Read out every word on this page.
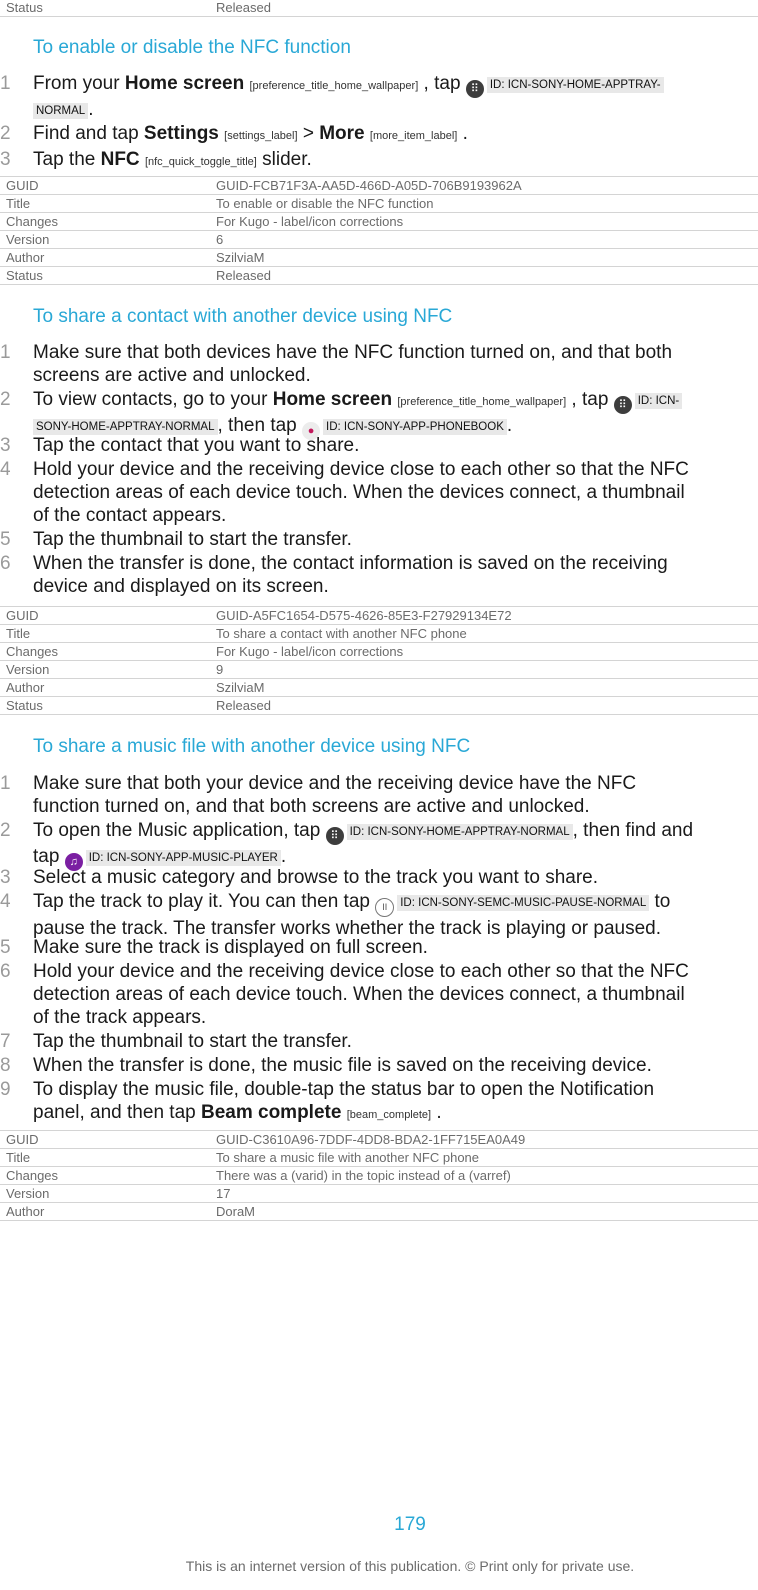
Status	Released
To enable or disable the NFC function
1	From your Home screen [preference_title_home_wallpaper] , tap ⠿ ID: ICN-SONY-HOME-APPTRAY-
NORMAL .
2	Find and tap Settings [settings_label] > More [more_item_label] .
3	Tap the NFC [nfc_quick_toggle_title] slider.
GUID	GUID-FCB71F3A-AA5D-466D-A05D-706B9193962A
Title	To enable or disable the NFC function
Changes	For Kugo - label/icon corrections
Version	6
Author	SzilviaM
Status	Released
To share a contact with another device using NFC
1	Make sure that both devices have the NFC function turned on, and that both
screens are active and unlocked.
2	To view contacts, go to your Home screen [preference_title_home_wallpaper] , tap ⠿ ID: ICN-
SONY-HOME-APPTRAY-NORMAL , then tap ● ID: ICN-SONY-APP-PHONEBOOK .
3	Tap the contact that you want to share.
4	Hold your device and the receiving device close to each other so that the NFC
detection areas of each device touch. When the devices connect, a thumbnail
of the contact appears.
5	Tap the thumbnail to start the transfer.
6	When the transfer is done, the contact information is saved on the receiving
device and displayed on its screen.
GUID	GUID-A5FC1654-D575-4626-85E3-F27929134E72
Title	To share a contact with another NFC phone
Changes	For Kugo - label/icon corrections
Version	9
Author	SzilviaM
Status	Released
To share a music file with another device using NFC
1	Make sure that both your device and the receiving device have the NFC
function turned on, and that both screens are active and unlocked.
2	To open the Music application, tap ⠿ ID: ICN-SONY-HOME-APPTRAY-NORMAL , then find and
tap ♫ ID: ICN-SONY-APP-MUSIC-PLAYER .
3	Select a music category and browse to the track you want to share.
4	Tap the track to play it. You can then tap II ID: ICN-SONY-SEMC-MUSIC-PAUSE-NORMAL to
pause the track. The transfer works whether the track is playing or paused.
5	Make sure the track is displayed on full screen.
6	Hold your device and the receiving device close to each other so that the NFC
detection areas of each device touch. When the devices connect, a thumbnail
of the track appears.
7	Tap the thumbnail to start the transfer.
8	When the transfer is done, the music file is saved on the receiving device.
9	To display the music file, double-tap the status bar to open the Notification
panel, and then tap Beam complete [beam_complete] .
GUID	GUID-C3610A96-7DDF-4DD8-BDA2-1FF715EA0A49
Title	To share a music file with another NFC phone
Changes	There was a (varid) in the topic instead of a (varref)
Version	17
Author	DoraM
179
This is an internet version of this publication. © Print only for private use.
